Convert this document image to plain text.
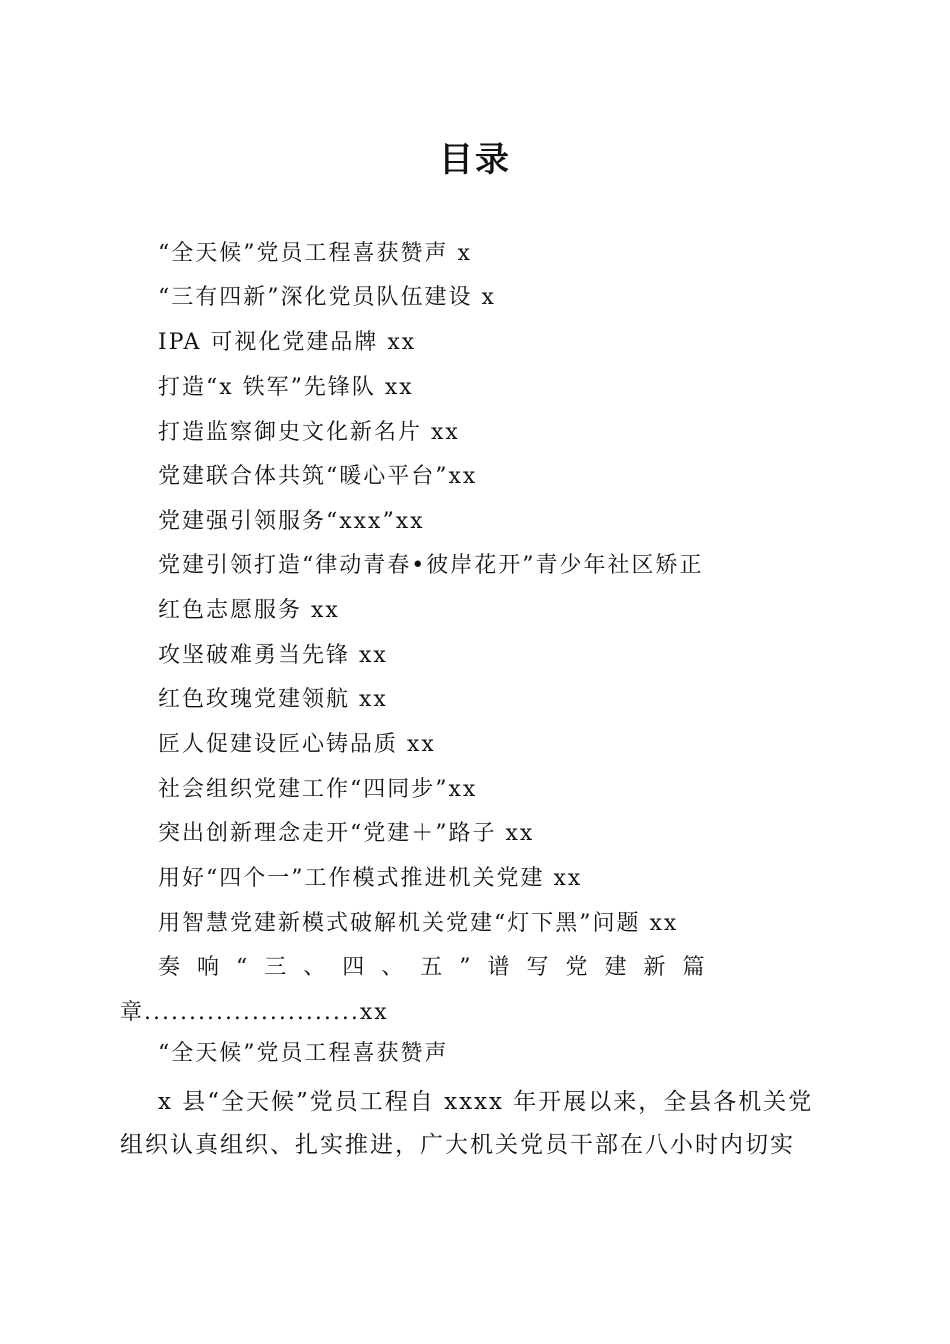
目录
“全天候”党员工程喜获赞声 x
“三有四新”深化党员队伍建设 x
IPA 可视化党建品牌 xx
打造“x 铁军”先锋队 xx
打造监察御史文化新名片 xx
党建联合体共筑“暖心平台”xx
党建强引领服务“xxx”xx
党建引领打造“律动青春•彼岸花开”青少年社区矫正
红色志愿服务 xx
攻坚破难勇当先锋 xx
红色玫瑰党建领航 xx
匠人促建设匠心铸品质 xx
社会组织党建工作“四同步”xx
突出创新理念走开“党建＋”路子 xx
用好“四个一”工作模式推进机关党建 xx
用智慧党建新模式破解机关党建“灯下黑”问题 xx
奏响“三、四、五”谱写党建新篇
章........................xx
“全天候”党员工程喜获赞声
x 县“全天候”党员工程自 xxxx 年开展以来，全县各机关党
组织认真组织、扎实推进，广大机关党员干部在八小时内切实
